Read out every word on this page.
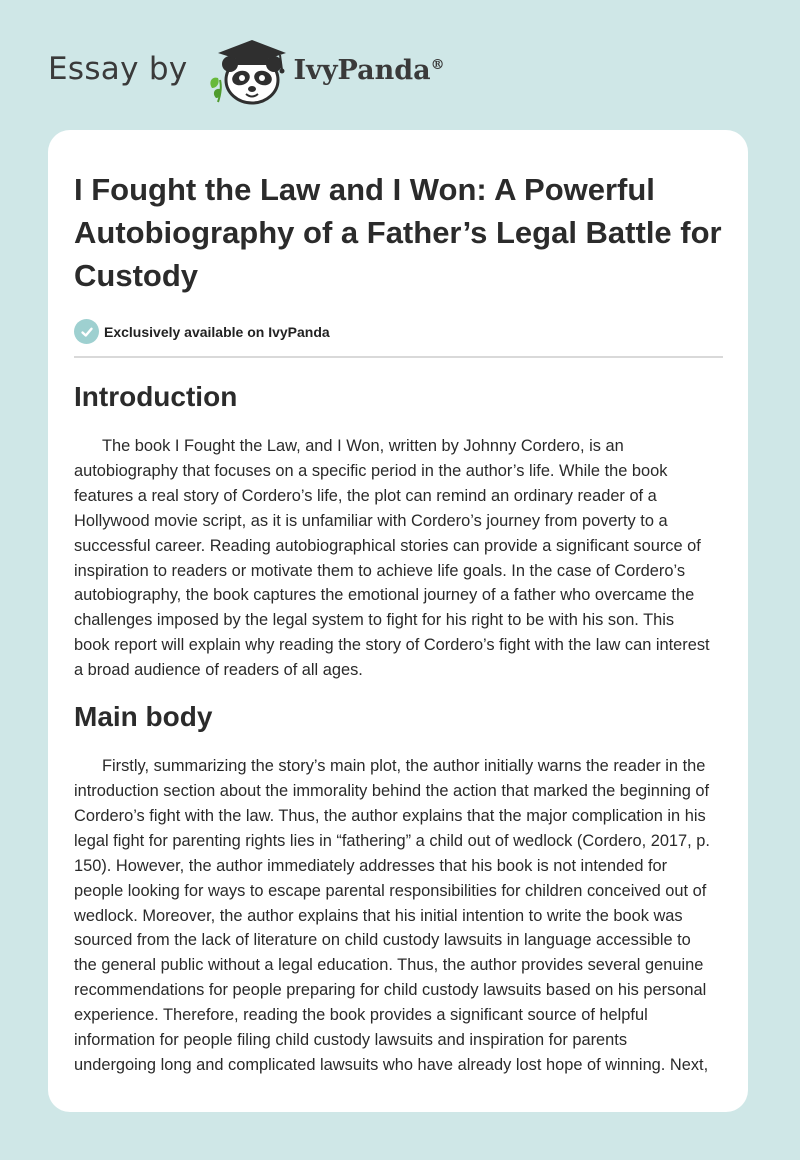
Essay by	IvyPanda®
I Fought the Law and I Won: A Powerful Autobiography of a Father’s Legal Battle for Custody
Exclusively available on IvyPanda
Introduction

The book I Fought the Law, and I Won, written by Johnny Cordero, is an
autobiography that focuses on a specific period in the author’s life. While the book
features a real story of Cordero’s life, the plot can remind an ordinary reader of a
Hollywood movie script, as it is unfamiliar with Cordero’s journey from poverty to a
successful career. Reading autobiographical stories can provide a significant source of
inspiration to readers or motivate them to achieve life goals. In the case of Cordero’s
autobiography, the book captures the emotional journey of a father who overcame the
challenges imposed by the legal system to fight for his right to be with his son. This
book report will explain why reading the story of Cordero’s fight with the law can interest
a broad audience of readers of all ages.

Main body

Firstly, summarizing the story’s main plot, the author initially warns the reader in the
introduction section about the immorality behind the action that marked the beginning of
Cordero’s fight with the law. Thus, the author explains that the major complication in his
legal fight for parenting rights lies in “fathering” a child out of wedlock (Cordero, 2017, p.
150). However, the author immediately addresses that his book is not intended for
people looking for ways to escape parental responsibilities for children conceived out of
wedlock. Moreover, the author explains that his initial intention to write the book was
sourced from the lack of literature on child custody lawsuits in language accessible to
the general public without a legal education. Thus, the author provides several genuine
recommendations for people preparing for child custody lawsuits based on his personal
experience. Therefore, reading the book provides a significant source of helpful
information for people filing child custody lawsuits and inspiration for parents
undergoing long and complicated lawsuits who have already lost hope of winning. Next,
